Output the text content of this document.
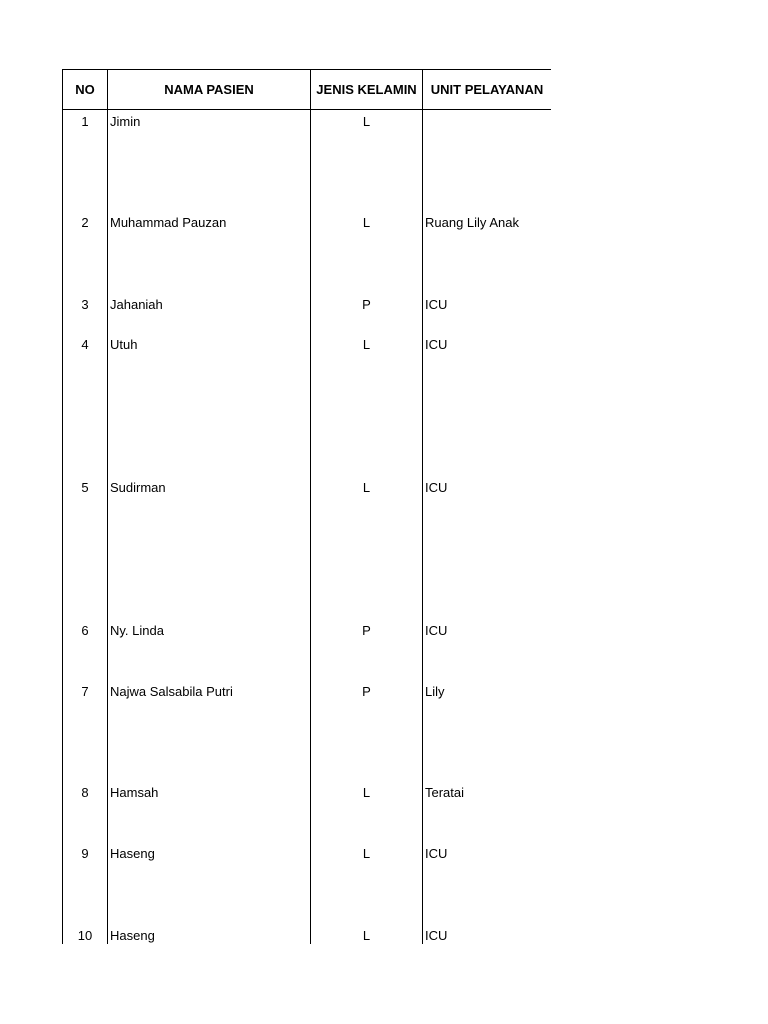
NO	NAMA PASIEN	JENIS KELAMIN	UNIT PELAYANAN
1	Jimin	L	
2	Muhammad Pauzan	L	Ruang Lily Anak
3	Jahaniah	P	ICU
4	Utuh	L	ICU
5	Sudirman	L	ICU
6	Ny. Linda	P	ICU
7	Najwa Salsabila Putri	P	Lily
8	Hamsah	L	Teratai
9	Haseng	L	ICU
10	Haseng	L	ICU
